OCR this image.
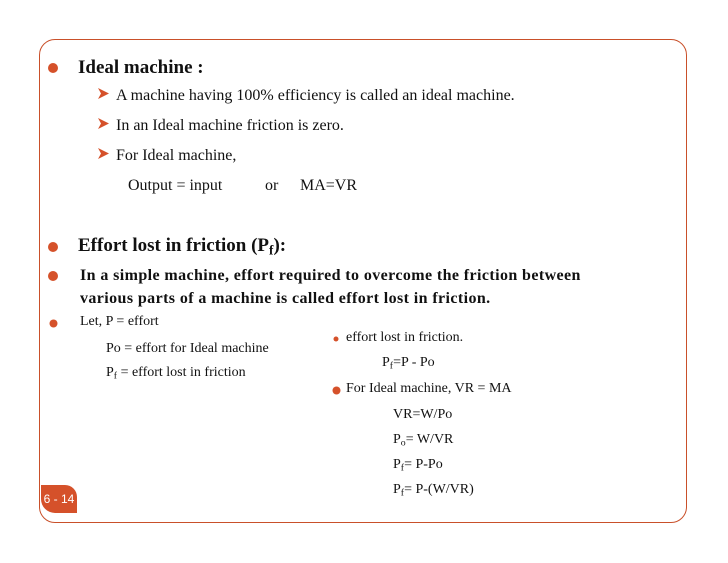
Ideal machine :
A machine having 100% efficiency is called an ideal machine.
In an Ideal machine friction is zero.
For Ideal machine,
Output = input	or MA=VR
Effort lost in friction $(P_f)$:
In a simple machine, effort required to overcome the friction between
various parts of a machine is called effort lost in friction.
Let, P = effort
Po = effort for Ideal machine
$P_f$ = effort lost in friction
effort lost in friction.
$P_f=P - Po$
For Ideal machine, VR = MA
VR=W/Po
$P_o= W/VR$
$P_f= P-Po$
$P_f= P-(W/VR)$
6 - 14
